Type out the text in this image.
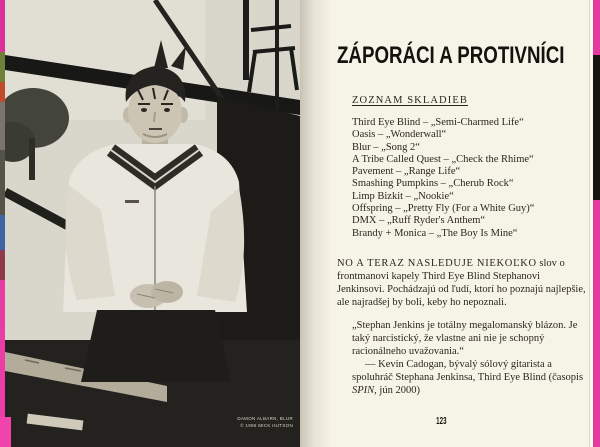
DAMON ALBARN, BLUR
© 1996 MICK HUTSON
ZÁPORÁCI A PROTIVNÍCI
ZOZNAM SKLADIEB
Third Eye Blind – „Semi-Charmed Life“
Oasis – „Wonderwall“
Blur – „Song 2“
A Tribe Called Quest – „Check the Rhime“
Pavement – „Range Life“
Smashing Pumpkins – „Cherub Rock“
Limp Bizkit – „Nookie“
Offspring – „Pretty Fly (For a White Guy)“
DMX – „Ruff Ryder's Anthem“
Brandy + Monica – „The Boy Is Mine“

NO A TERAZ NASLEDUJE NIEKOĽKO slov o frontmanovi kapely Third Eye Blind Stephanovi Jenkinsovi. Pochádzajú od ľudí, ktorí ho poznajú najlepšie, ale najradšej by boli, keby ho nepoznali.

„Stephan Jenkins je totálny megalomanský blázon. Je taký narcistický, že vlastne ani nie je schopný racionálneho uvažovania.“

— Kevin Cadogan, bývalý sólový gitarista a spoluhráč Stephana Jenkinsa, Third Eye Blind (časopis SPIN, jún 2000)

123
